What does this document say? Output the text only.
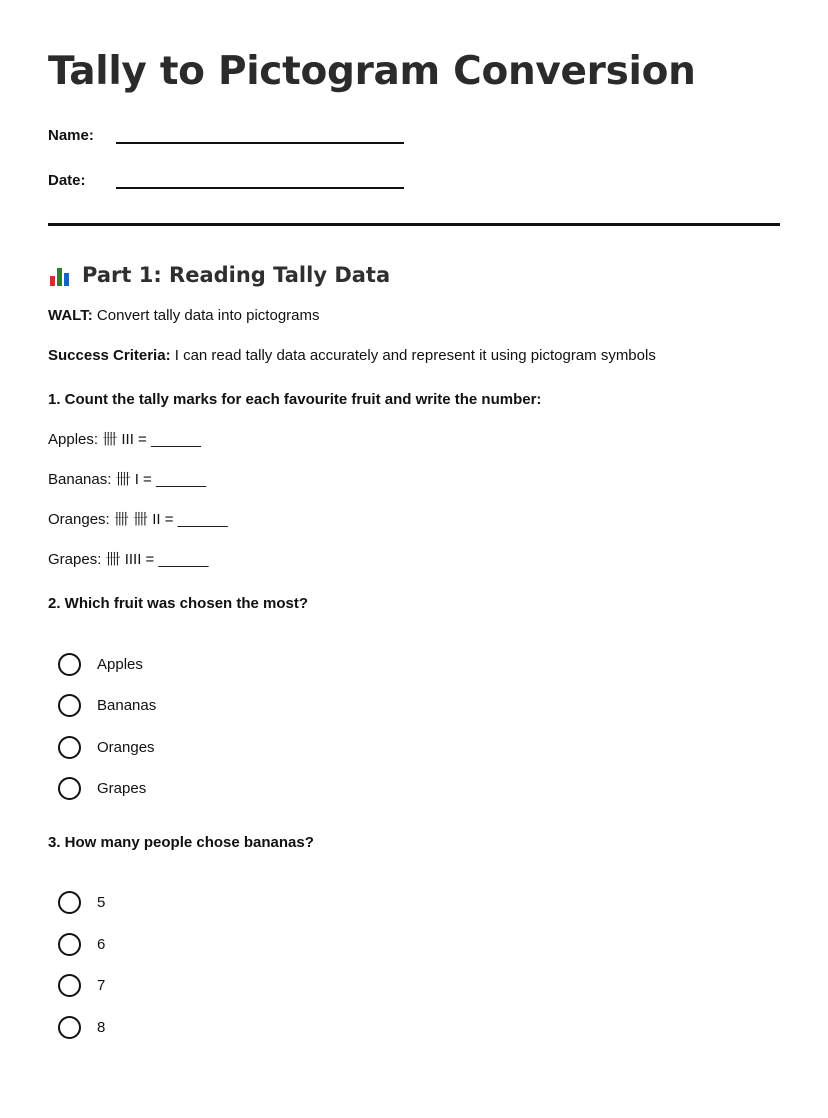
Tally to Pictogram Conversion
Name:
Date:
Part 1: Reading Tally Data

WALT: Convert tally data into pictograms

Success Criteria: I can read tally data accurately and represent it using pictogram symbols

1. Count the tally marks for each favourite fruit and write the number:

Apples: 卌 III = ______

Bananas: 卌 I = ______

Oranges: 卌 卌 II = ______

Grapes: 卌 IIII = ______

2. Which fruit was chosen the most?

Apples
Bananas
Oranges
Grapes

3. How many people chose bananas?

5
6
7
8
